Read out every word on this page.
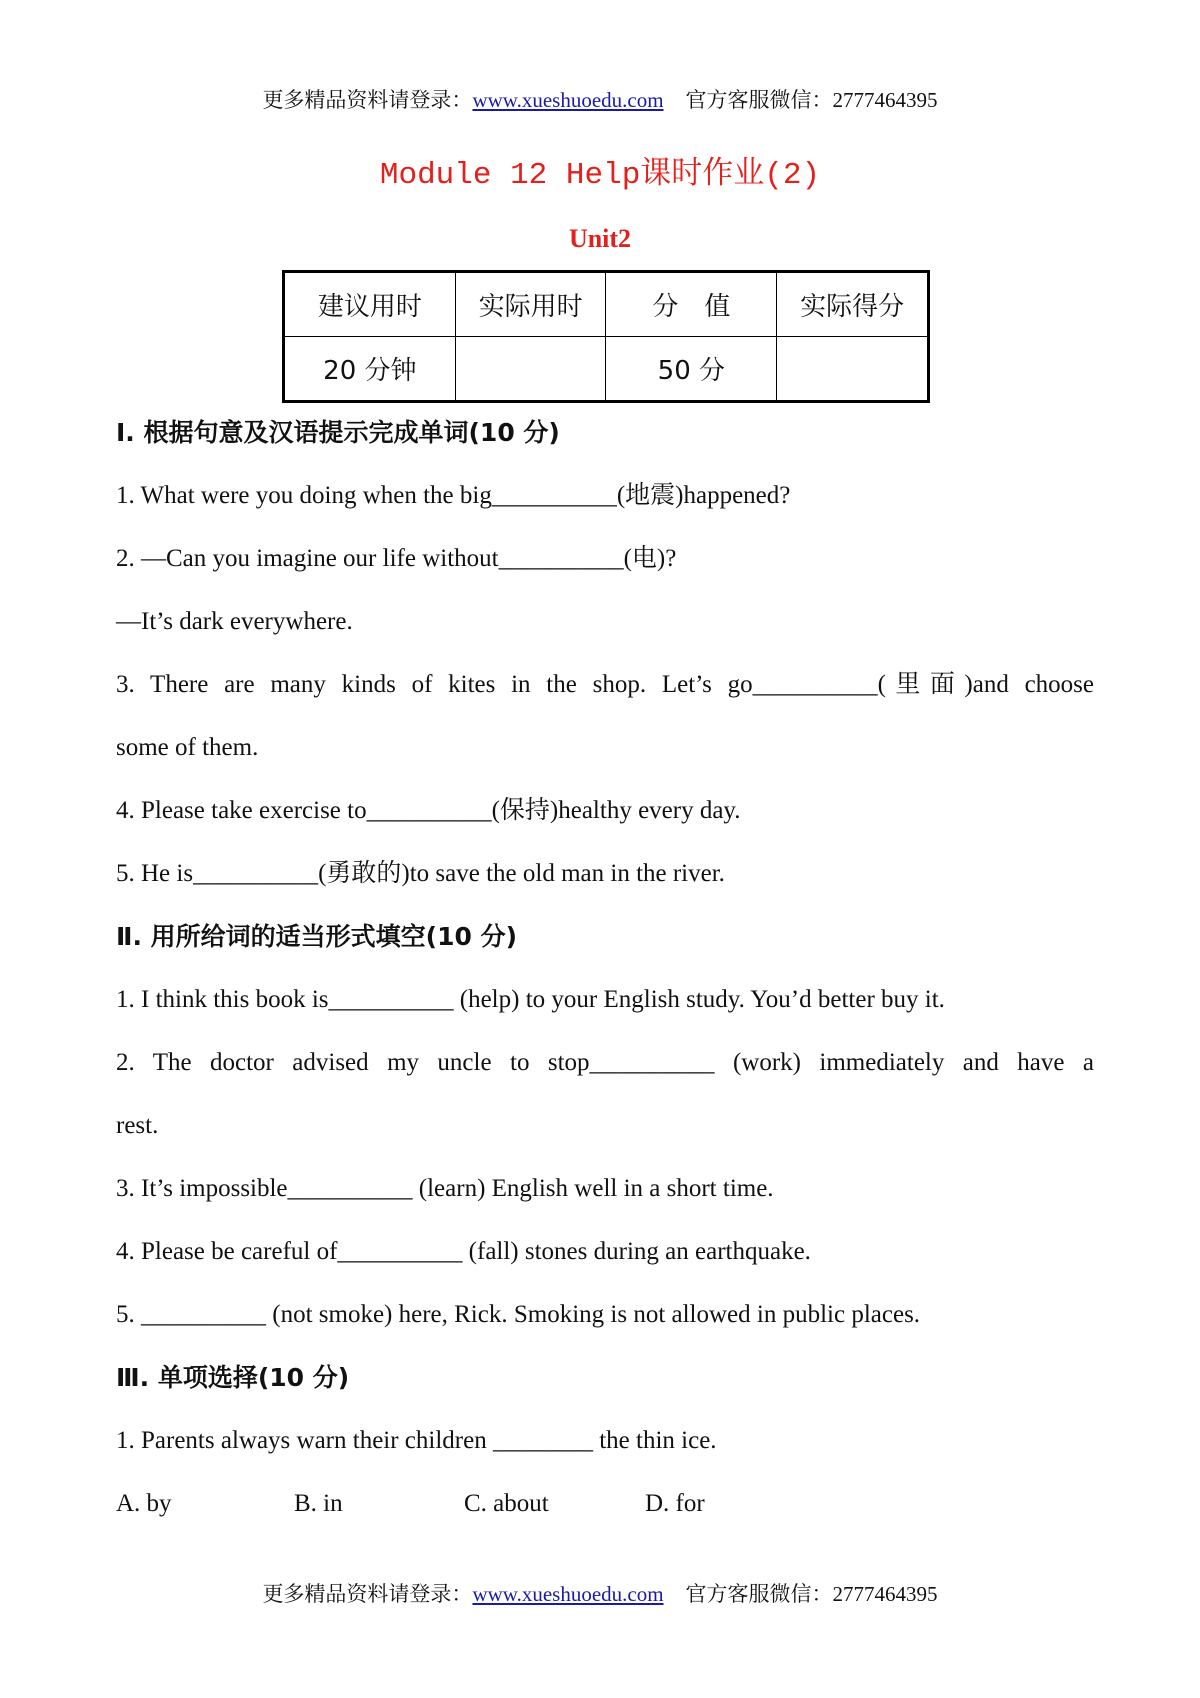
更多精品资料请登录：www.xueshuoedu.com 官方客服微信：2777464395
Module 12 Help课时作业(2)
Unit2
建议用时	实际用时	分　值	实际得分
20 分钟		50 分	
Ⅰ. 根据句意及汉语提示完成单词(10 分)
1. What were you doing when the big__________(地震)happened?
2. —Can you imagine our life without__________(电)?
—It’s dark everywhere.
3. There are many kinds of kites in the shop. Let’s go__________(里面)and choose
some of them.
4. Please take exercise to__________(保持)healthy every day.
5. He is__________(勇敢的)to save the old man in the river.
Ⅱ. 用所给词的适当形式填空(10 分)
1. I think this book is__________ (help) to your English study. You’d better buy it.
2. The doctor advised my uncle to stop__________ (work) immediately and have a
rest.
3. It’s impossible__________ (learn) English well in a short time.
4. Please be careful of__________ (fall) stones during an earthquake.
5. __________ (not smoke) here, Rick. Smoking is not allowed in public places.
Ⅲ. 单项选择(10 分)
1. Parents always warn their children ________ the thin ice.
A. by	B. in	C. about	D. for
更多精品资料请登录：www.xueshuoedu.com 官方客服微信：2777464395
